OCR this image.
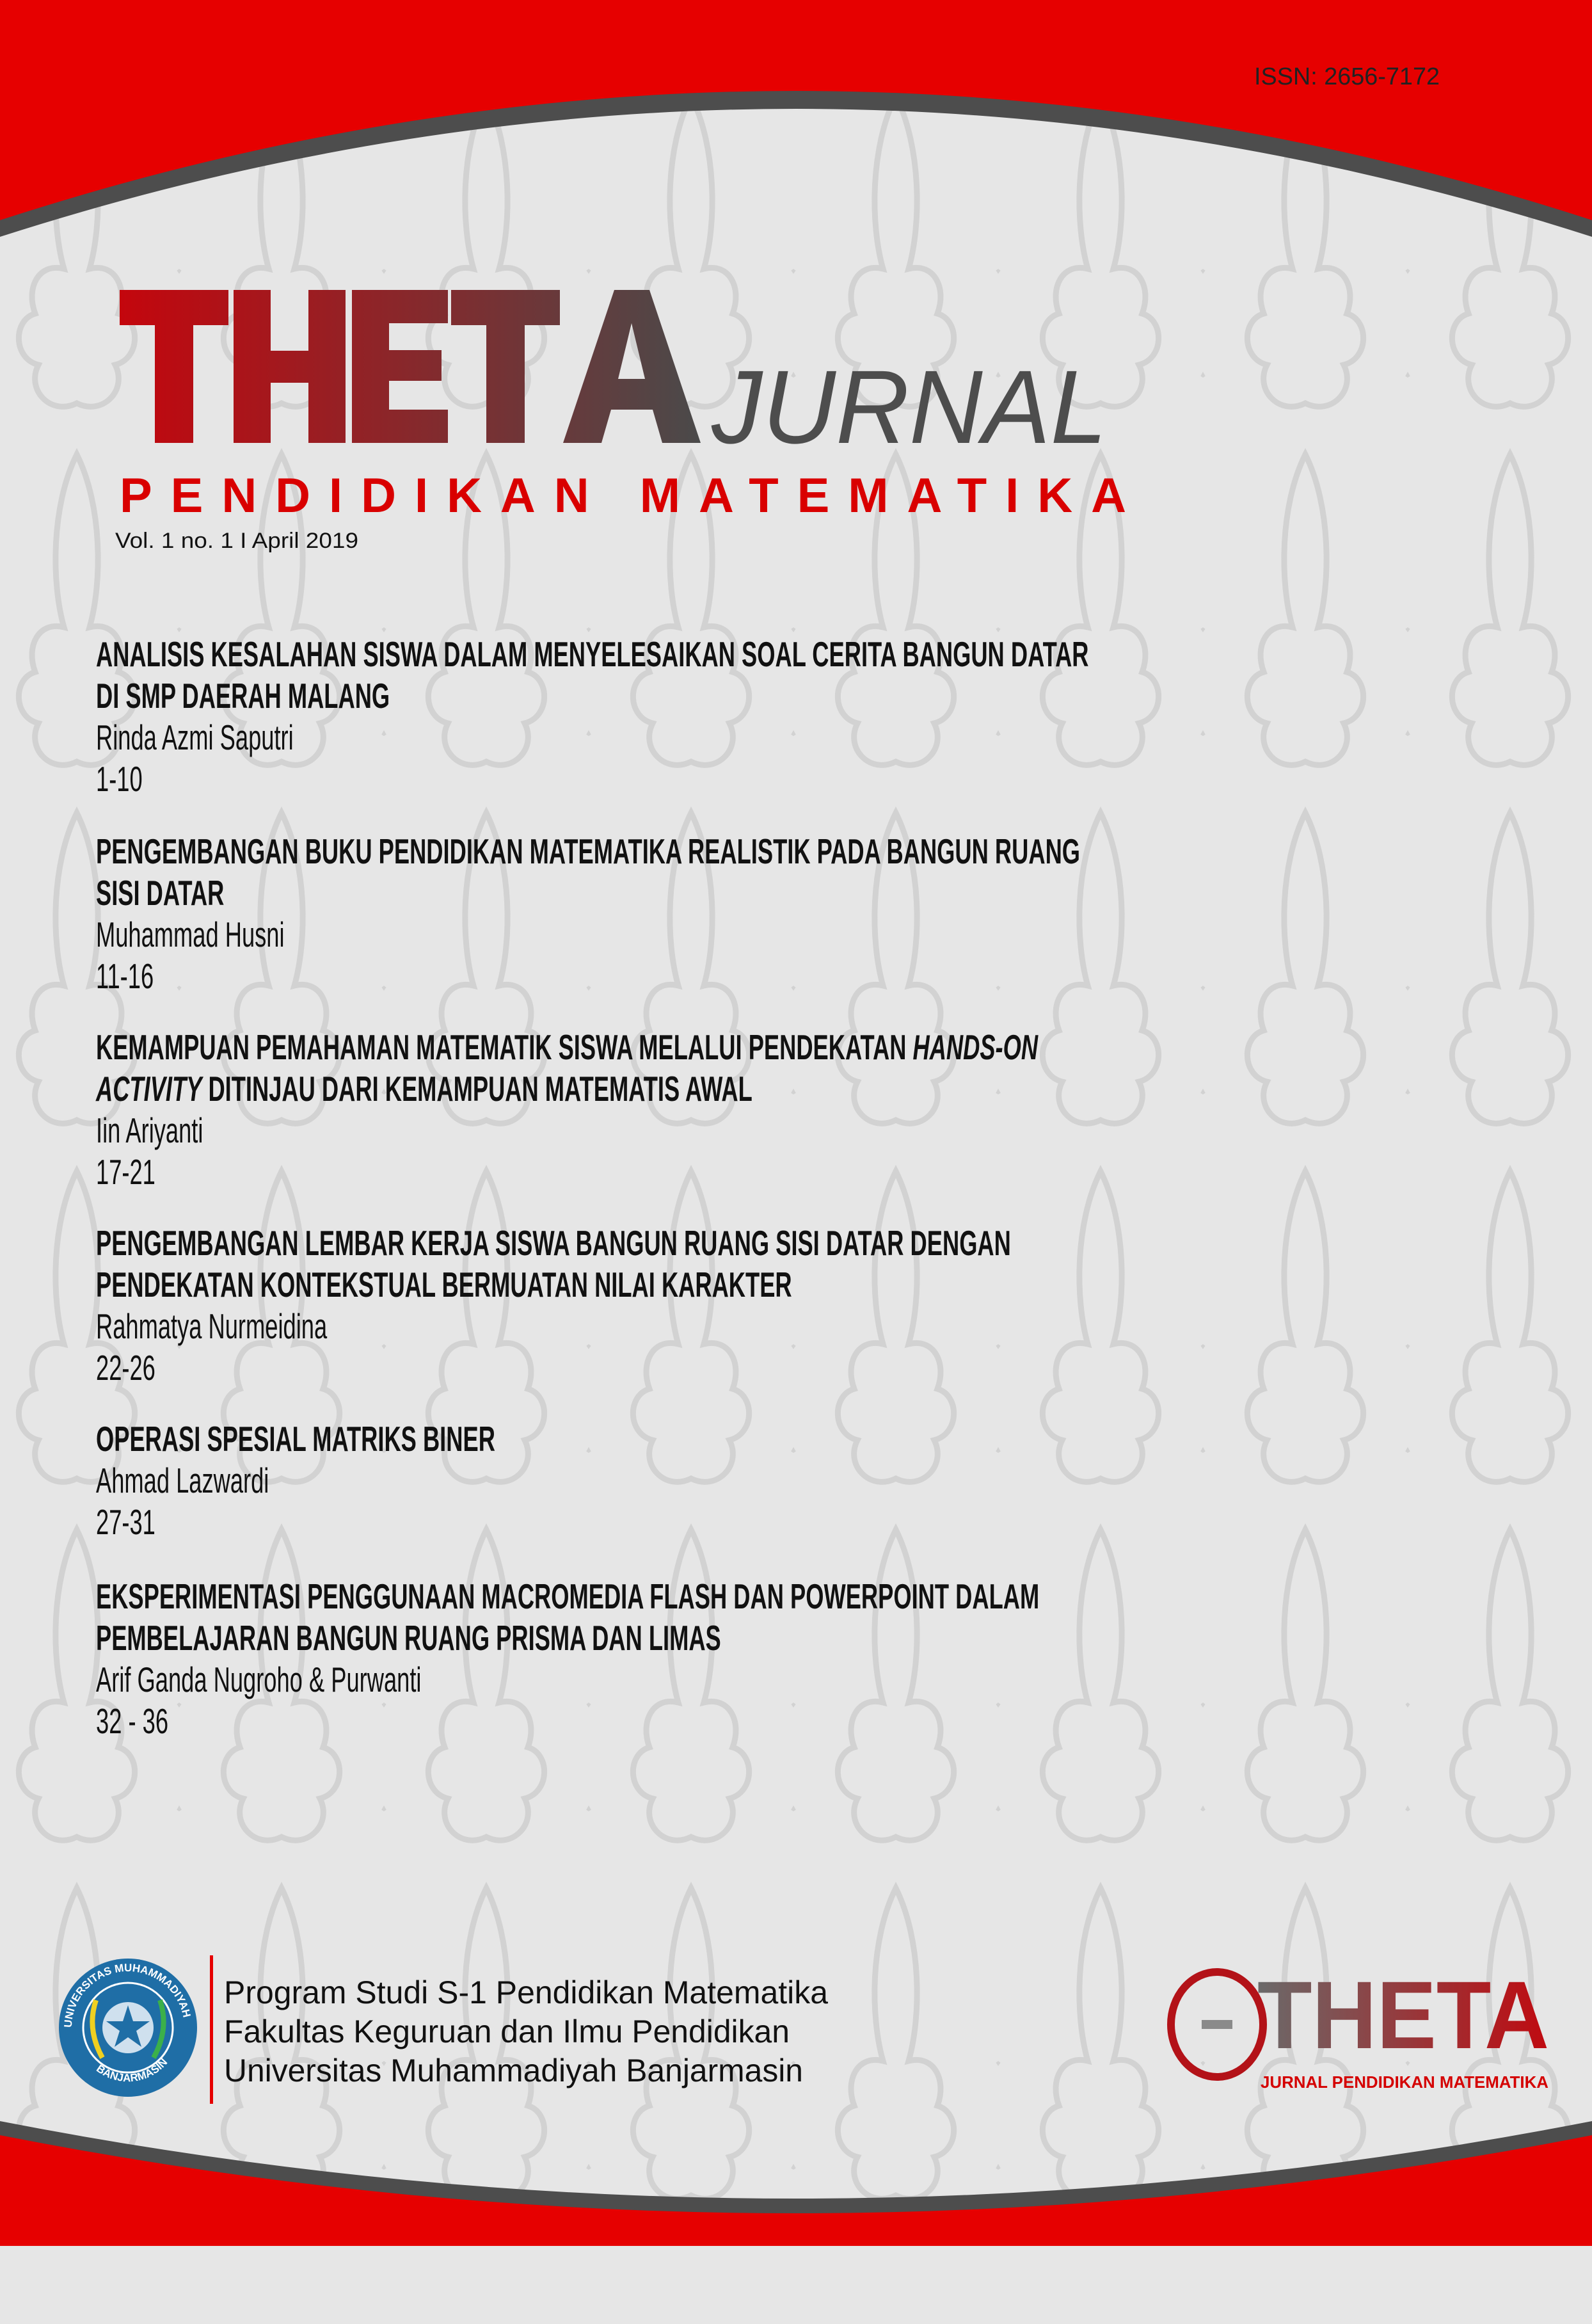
ISSN: 2656-7172
JURNAL
PENDIDIKAN MATEMATIKA
Vol. 1 no. 1 I April 2019
UNIVERSITAS MUHAMMADIYAH
BANJARMASIN
Program Studi S-1 Pendidikan Matematika
Fakultas Keguruan dan Ilmu Pendidikan
Universitas Muhammadiyah Banjarmasin
THETA
JURNAL PENDIDIKAN MATEMATIKA
ANALISIS KESALAHAN SISWA DALAM MENYELESAIKAN SOAL CERITA BANGUN DATAR
DI SMP DAERAH MALANG
Rinda Azmi Saputri
1-10
PENGEMBANGAN BUKU PENDIDIKAN MATEMATIKA REALISTIK PADA BANGUN RUANG
SISI DATAR
Muhammad Husni
11-16
KEMAMPUAN PEMAHAMAN MATEMATIK SISWA MELALUI PENDEKATAN HANDS-ON
ACTIVITY DITINJAU DARI KEMAMPUAN MATEMATIS AWAL
Iin Ariyanti
17-21
PENGEMBANGAN LEMBAR KERJA SISWA BANGUN RUANG SISI DATAR DENGAN
PENDEKATAN KONTEKSTUAL BERMUATAN NILAI KARAKTER
Rahmatya Nurmeidina
22-26
OPERASI SPESIAL MATRIKS BINER
Ahmad Lazwardi
27-31
EKSPERIMENTASI PENGGUNAAN MACROMEDIA FLASH DAN POWERPOINT DALAM
PEMBELAJARAN BANGUN RUANG PRISMA DAN LIMAS
Arif Ganda Nugroho & Purwanti
32 - 36
